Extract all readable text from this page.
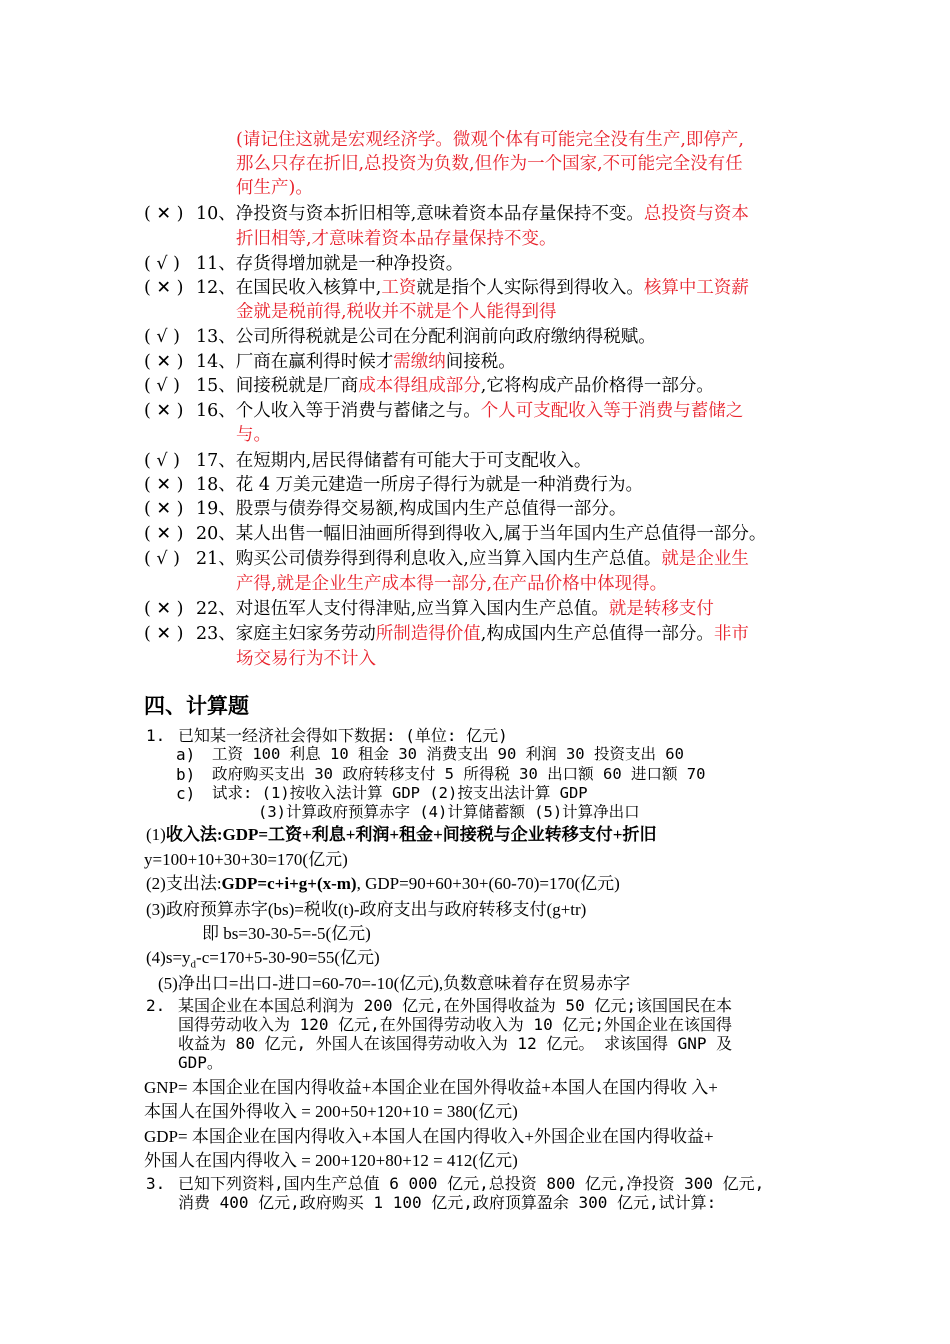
(请记住这就是宏观经济学。微观个体有可能完全没有生产,即停产,
那么只存在折旧,总投资为负数,但作为一个国家,不可能完全没有任
何生产)。
( ✕ ) 10、净投资与资本折旧相等,意味着资本品存量保持不变。总投资与资本
折旧相等,才意味着资本品存量保持不变。
( √ ) 11、存货得增加就是一种净投资。
( ✕ ) 12、在国民收入核算中,工资就是指个人实际得到得收入。核算中工资薪
金就是税前得,税收并不就是个人能得到得
( √ ) 13、公司所得税就是公司在分配利润前向政府缴纳得税赋。
( ✕ ) 14、厂商在赢利得时候才需缴纳间接税。
( √ ) 15、间接税就是厂商成本得组成部分,它将构成产品价格得一部分。
( ✕ ) 16、个人收入等于消费与蓄储之与。个人可支配收入等于消费与蓄储之
与。
( √ ) 17、在短期内,居民得储蓄有可能大于可支配收入。
( ✕ ) 18、花 4 万美元建造一所房子得行为就是一种消费行为。
( ✕ ) 19、股票与债券得交易额,构成国内生产总值得一部分。
( ✕ ) 20、某人出售一幅旧油画所得到得收入,属于当年国内生产总值得一部分。
( √ ) 21、购买公司债券得到得利息收入,应当算入国内生产总值。就是企业生
产得,就是企业生产成本得一部分,在产品价格中体现得。
( ✕ ) 22、对退伍军人支付得津贴,应当算入国内生产总值。就是转移支付
( ✕ ) 23、家庭主妇家务劳动所制造得价值,构成国内生产总值得一部分。非市
场交易行为不计入
四、计算题
1. 已知某一经济社会得如下数据: (单位: 亿元)
a) 工资 100 利息 10 租金 30 消费支出 90 利润 30 投资支出 60
b) 政府购买支出 30 政府转移支付 5 所得税 30 出口额 60 进口额 70
c) 试求: (1)按收入法计算 GDP (2)按支出法计算 GDP
(3)计算政府预算赤字 (4)计算储蓄额 (5)计算净出口
(1)收入法:GDP=工资+利息+利润+租金+间接税与企业转移支付+折旧
y=100+10+30+30=170(亿元)
(2)支出法:GDP=c+i+g+(x-m), GDP=90+60+30+(60-70)=170(亿元)
(3)政府预算赤字(bs)=税收(t)-政府支出与政府转移支付(g+tr)
即 bs=30-30-5=-5(亿元)
$(4)s=y_d-c=170+5-30-90=55$(亿元)
(5)净出口=出口-进口=60-70=-10(亿元),负数意味着存在贸易赤字
2. 某国企业在本国总利润为 200 亿元,在外国得收益为 50 亿元;该国国民在本
国得劳动收入为 120 亿元,在外国得劳动收入为 10 亿元;外国企业在该国得
收益为 80 亿元, 外国人在该国得劳动收入为 12 亿元。 求该国得 GNP 及
GDP。
GNP= 本国企业在国内得收益+本国企业在国外得收益+本国人在国内得收 入+
本国人在国外得收入 = 200+50+120+10 = 380(亿元)
GDP= 本国企业在国内得收入+本国人在国内得收入+外国企业在国内得收益+
外国人在国内得收入 = 200+120+80+12 = 412(亿元)
3. 已知下列资料,国内生产总值 6 000 亿元,总投资 800 亿元,净投资 300 亿元,
消费 400 亿元,政府购买 1 100 亿元,政府顶算盈余 300 亿元,试计算:
